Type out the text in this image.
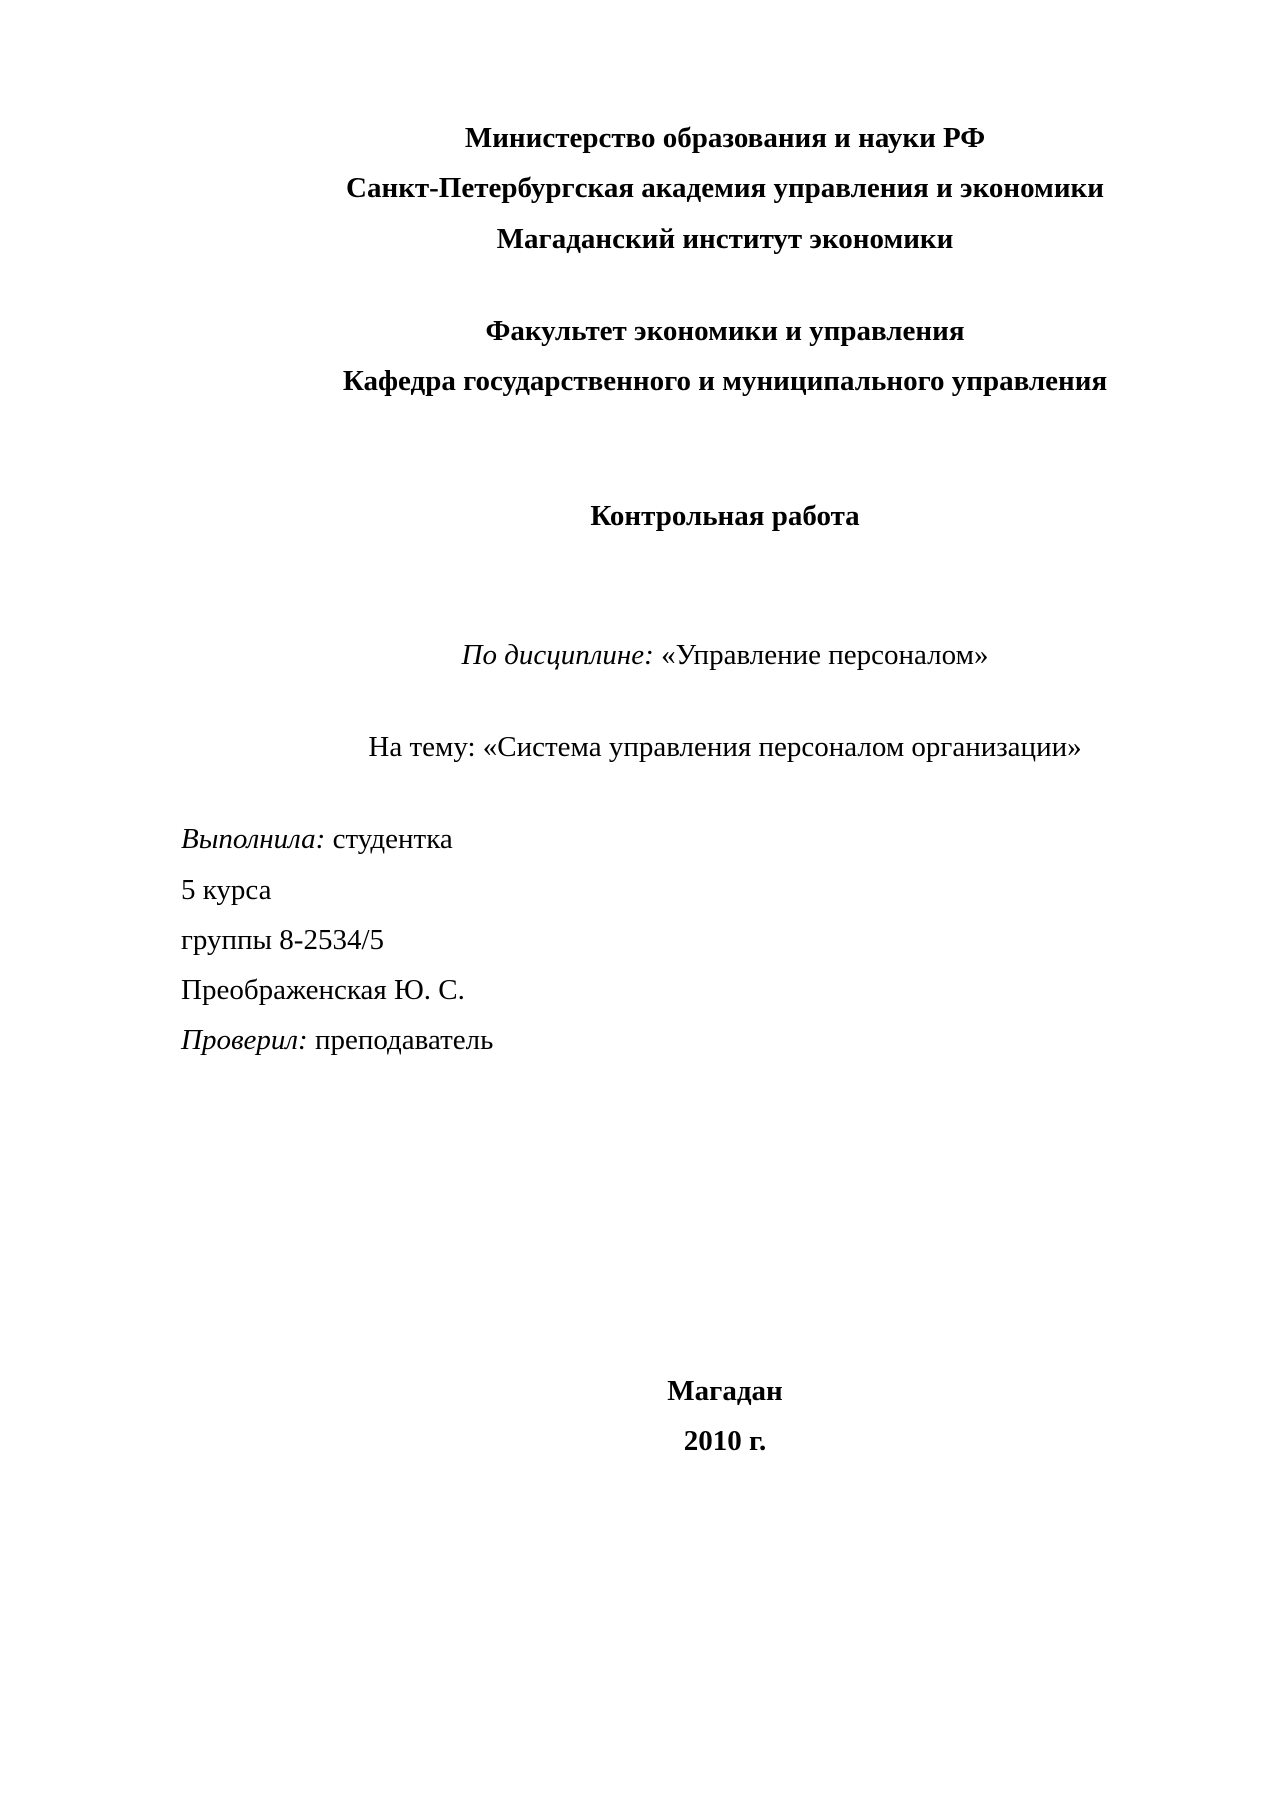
Министерство образования и науки РФ
Санкт-Петербургская академия управления и экономики
Магаданский институт экономики
Факультет экономики и управления
Кафедра государственного и муниципального управления
Контрольная работа
По дисциплине: «Управление персоналом»
На тему: «Система управления персоналом организации»
Выполнила: студентка
5 курса
группы 8-2534/5
Преображенская Ю. С.
Проверил: преподаватель
Магадан
2010 г.
